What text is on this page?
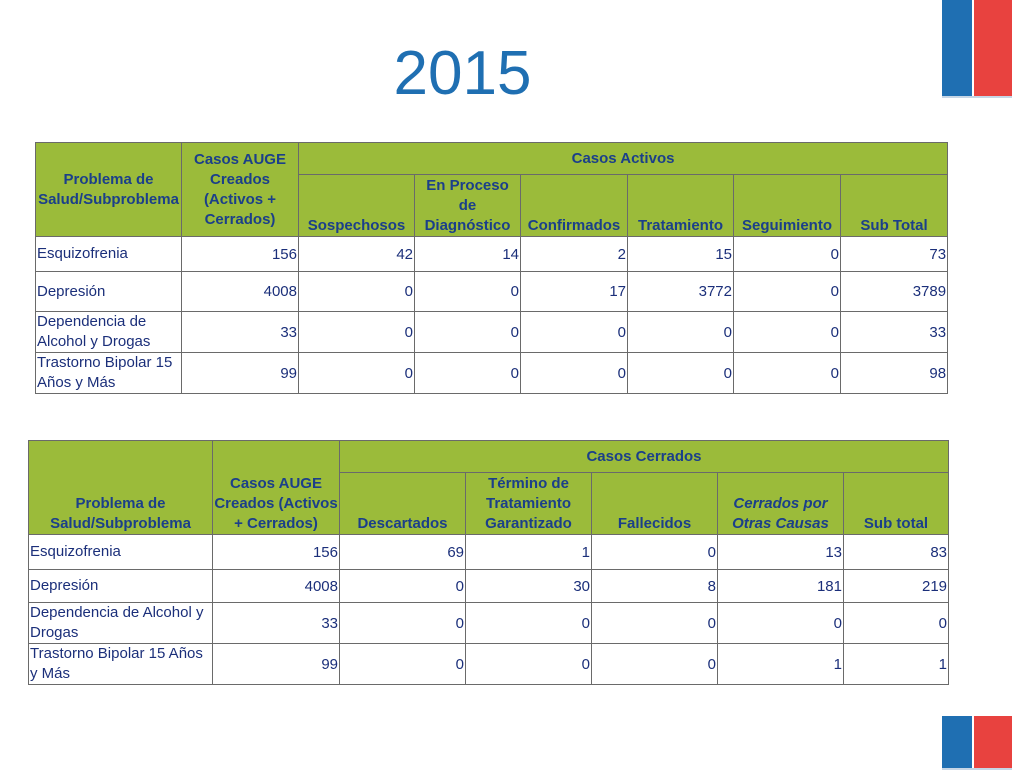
2015
Problema de Salud/Subproblema	Casos AUGE Creados (Activos + Cerrados)	Casos Activos					
		Sospechosos	En Proceso de Diagnóstico	Confirmados	Tratamiento	Seguimiento	Sub Total
Esquizofrenia	156	42	14	2	15	0	73
Depresión	4008	0	0	17	3772	0	3789
Dependencia de Alcohol y Drogas	33	0	0	0	0	0	33
Trastorno Bipolar 15 Años y Más	99	0	0	0	0	0	98
Problema de Salud/Subproblema	Casos AUGE Creados (Activos + Cerrados)	Casos Cerrados				
		Descartados	Término de Tratamiento Garantizado	Fallecidos	Cerrados por Otras Causas	Sub total
Esquizofrenia	156	69	1	0	13	83
Depresión	4008	0	30	8	181	219
Dependencia de Alcohol y Drogas	33	0	0	0	0	0
Trastorno Bipolar 15 Años y Más	99	0	0	0	1	1
